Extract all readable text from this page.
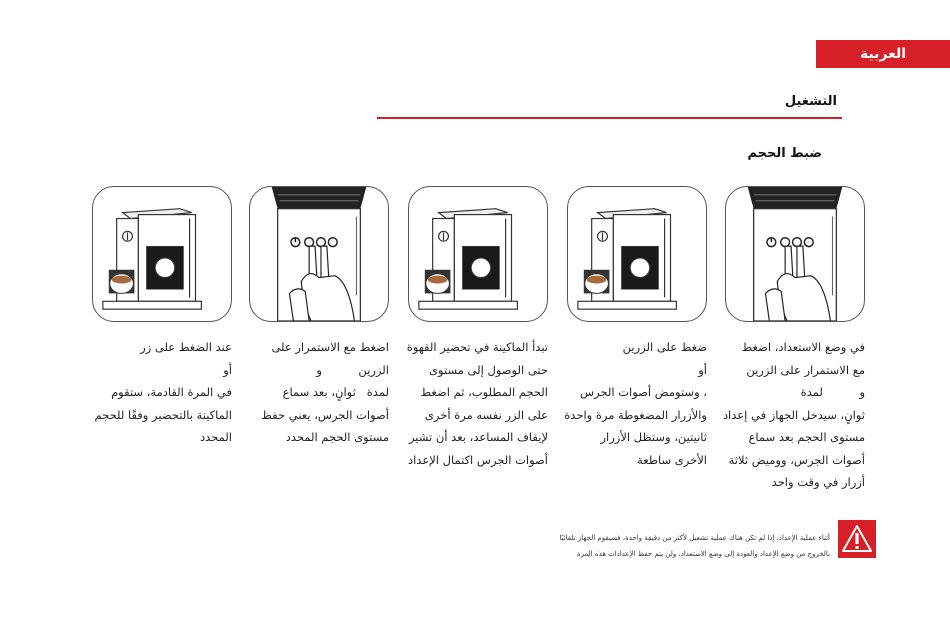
العربية
التشغيل
ضبط الحجم

في وضع الاستعداد، اضغط

مع الاستمرار على الزرين

و          لمدة

ثوانٍ، سيدخل الجهاز في إعداد

مستوى الحجم بعد سماع

أصوات الجرس، ووميض ثلاثة

أزرار في وقت واحد

ضغط على الزرين

أو

، وستومض أصوات الجرس

والأزرار المضغوطة مرة واحدة

ثانيتين، وستظل الأزرار

الأخرى ساطعة

تبدأ الماكينة في تحضير القهوة

حتى الوصول إلى مستوى

الحجم المطلوب، ثم اضغط

على الزر نفسه مرة أخرى

لإيقاف المساعد، بعد أن تشير

أصوات الجرس اكتمال الإعداد

اضغط مع الاستمرار على

الزرين          و

لمدة   ثوانٍ، بعد سماع

أصوات الجرس، يعني حفظ

مستوى الحجم المحدد

عند الضغط على زر

أو

في المرة القادمة، ستقوم

الماكينة بالتحضير وفقًا للحجم

المحدد

أثناء عملية الإعداد، إذا لم تكن هناك عملية تشغيل لأكثر من دقيقة واحدة، فسيقوم الجهاز تلقائيًا

بالخروج من وضع الإعداد والعودة إلى وضع الاستعداد، ولن يتم حفظ الإعدادات هذه المرة
